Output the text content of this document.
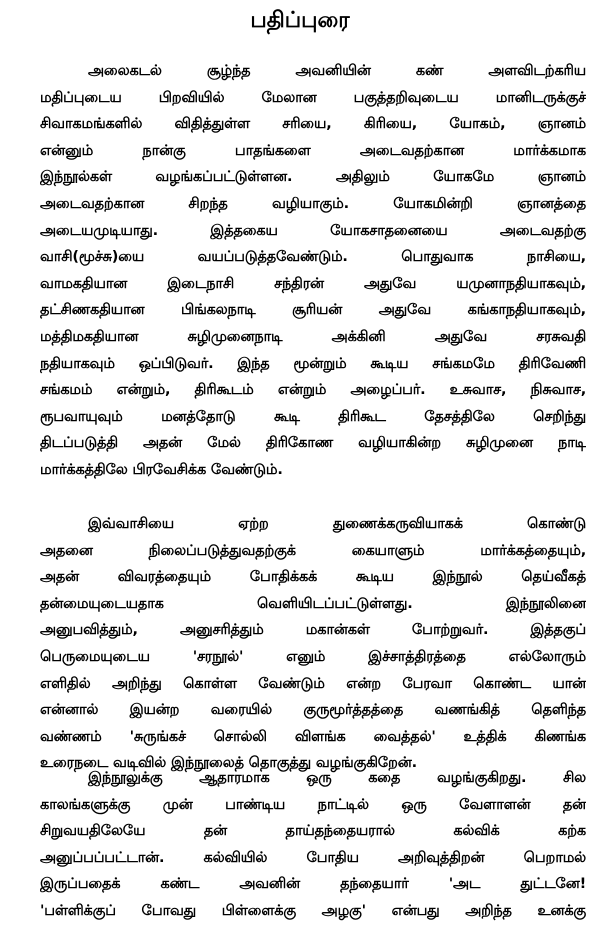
பதிப்புரை
அலைகடல் சூழ்ந்த அவனியின் கண் அளவிடற்கரிய
மதிப்புடைய பிறவியில் மேலான பகுத்தறிவுடைய மானிடருக்குச்
சிவாகமங்களில் விதித்துள்ள சரியை, கிரியை, யோகம், ஞானம்
என்னும் நான்கு பாதங்களை அடைவதற்கான மார்க்கமாக
இந்நூல்கள் வழங்கப்பட்டுள்ளன. அதிலும் யோகமே ஞானம்
அடைவதற்கான சிறந்த வழியாகும். யோகமின்றி ஞானத்தை
அடையமுடியாது. இத்தகைய யோகசாதனையை அடைவதற்கு
வாசி(மூச்சு)யை வயப்படுத்தவேண்டும். பொதுவாக நாசியை,
வாமகதியான இடைநாசி சந்திரன் அதுவே யமுனாநதியாகவும்,
தட்சிணகதியான பிங்கலநாடி சூரியன் அதுவே கங்காநதியாகவும்,
மத்திமகதியான சுழிமுனைநாடி அக்கினி அதுவே சரசுவதி
நதியாகவும் ஒப்பிடுவர். இந்த மூன்றும் கூடிய சங்கமமே திரிவேணி
சங்கமம் என்றும், திரிகூடம் என்றும் அழைப்பர். உசுவாச, நிசுவாச,
ரூபவாயுவும் மனத்தோடு கூடி திரிகூட தேசத்திலே செறிந்து
திடப்படுத்தி அதன் மேல் திரிகோண வழியாகின்ற சுழிமுனை நாடி
மார்க்கத்திலே பிரவேசிக்க வேண்டும்.
இவ்வாசியை ஏற்ற துணைக்கருவியாகக் கொண்டு
அதனை நிலைப்படுத்துவதற்குக் கையாளும் மார்க்கத்தையும்,
அதன் விவரத்தையும் போதிக்கக் கூடிய இந்நூல் தெய்வீகத்
தன்மையுடையதாக வெளியிடப்பட்டுள்ளது. இந்நூலினை
அனுபவித்தும், அனுசரித்தும் மகான்கள் போற்றுவர். இத்தகுப்
பெருமையுடைய 'சரநூல்' எனும் இச்சாத்திரத்தை எல்லோரும்
எளிதில் அறிந்து கொள்ள வேண்டும் என்ற பேரவா கொண்ட யான்
என்னால் இயன்ற வரையில் குருமூர்த்தத்தை வணங்கித் தெளிந்த
வண்ணம் 'சுருங்கச் சொல்லி விளங்க வைத்தல்' உத்திக் கிணங்க
உரைநடை வடிவில் இந்நூலைத் தொகுத்து வழங்குகிறேன்.
இந்நூலுக்கு ஆதாரமாக ஒரு கதை வழங்குகிறது. சில
காலங்களுக்கு முன் பாண்டிய நாட்டில் ஒரு வேளாளன் தன்
சிறுவயதிலேயே தன் தாய்தந்தையரால் கல்விக் கற்க
அனுப்பப்பட்டான். கல்வியில் போதிய அறிவுத்திறன் பெறாமல்
இருப்பதைக் கண்ட அவனின் தந்தையார் 'அட துட்டனே!
'பள்ளிக்குப் போவது பிள்ளைக்கு அழகு' என்பது அறிந்த உனக்கு
